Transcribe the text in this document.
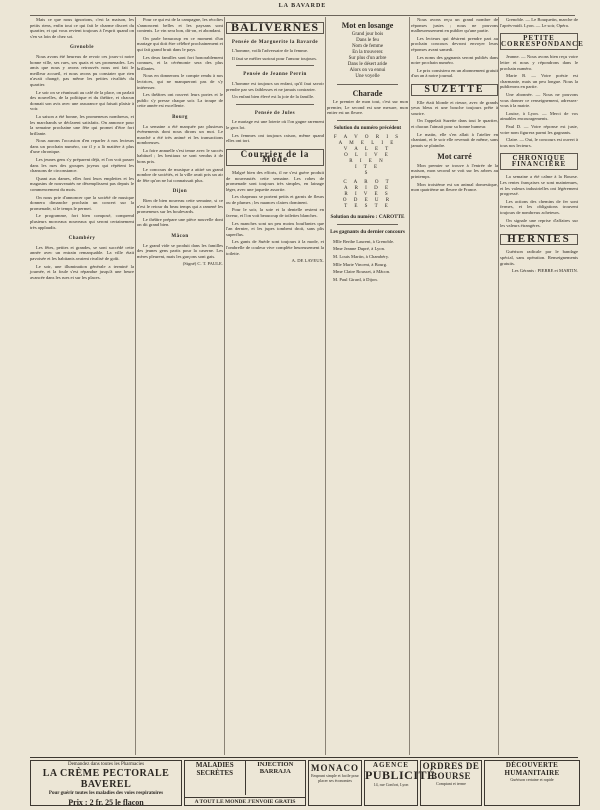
LA BAVARDE

Mais ce que nous ignorions, c'est la maison, les petits riens, enfin tout ce qui fait le charme discret du quartier, et qui vous revient toujours à l'esprit quand on s'en va loin de chez soi.

Grenoble

Nous avons été heureux de revoir ces jours-ci notre bonne ville, ses rues, ses quais et ses promenades. Les amis que nous y avons retrouvés nous ont fait le meilleur accueil, et nous avons pu constater que rien n'avait changé, pas même les petites rivalités du quartier.

Le soir on se réunissait au café de la place, on parlait des nouvelles, de la politique et du théâtre, et chacun donnait son avis avec une assurance qui faisait plaisir à voir.

La saison a été bonne, les promeneurs nombreux, et les marchands se déclarent satisfaits. On annonce pour la semaine prochaine une fête qui promet d'être fort brillante.

Nous aurons l'occasion d'en reparler à nos lecteurs dans un prochain numéro, car il y a là matière à plus d'une chronique.

Les jeunes gens s'y préparent déjà, et l'on voit passer dans les rues des groupes joyeux qui répètent les chansons de circonstance.

Quant aux dames, elles font leurs emplettes et les magasins de nouveautés ne désemplissent pas depuis le commencement du mois.

On nous prie d'annoncer que la société de musique donnera dimanche prochain un concert sur la promenade, si le temps le permet.

Le programme, fort bien composé, comprend plusieurs morceaux nouveaux qui seront certainement très applaudis.

Chambéry

Les fêtes, petites et grandes, se sont succédé cette année avec un entrain remarquable. La ville était pavoisée et les habitants avaient rivalisé de goût.

Le soir, une illumination générale a terminé la journée, et la foule s'est répandue jusqu'à une heure avancée dans les rues et sur les places.

Pour ce qui est de la campagne, les récoltes s'annoncent belles et les paysans sont contents. Le vin sera bon, dit-on, et abondant.

On parle beaucoup en ce moment d'un mariage qui doit être célébré prochainement et qui fait grand bruit dans le pays.

Les deux familles sont fort honorablement connues, et la cérémonie sera des plus brillantes.

Nous en donnerons le compte rendu à nos lectrices, qui ne manqueront pas de s'y intéresser.

Les théâtres ont rouvert leurs portes et le public s'y presse chaque soir. La troupe de cette année est excellente.

Bourg

La semaine a été marquée par plusieurs événements dont nous dirons un mot. Le marché a été très animé et les transactions nombreuses.

La foire annuelle s'est tenue avec le succès habituel ; les bestiaux se sont vendus à de bons prix.

Le concours de musique a attiré un grand nombre de sociétés, et la ville avait pris un air de fête qu'on ne lui connaissait plus.

Dijon

Rien de bien nouveau cette semaine, si ce n'est le retour du beau temps qui a ramené les promeneurs sur les boulevards.

Le théâtre prépare une pièce nouvelle dont on dit grand bien.

Mâcon

Le grand vide se produit dans les familles des jeunes gens partis pour la caserne. Les mères pleurent, mais les garçons sont gais.

(Signé) C. T. PAULE.

BALIVERNES
Pensée de Marguerite la Bavarde

L'homme, voilà l'adversaire de la femme.

Il faut se méfier surtout pour l'amour toujours.

Pensée de Jeanne Perrin

L'homme est toujours un enfant, qu'il faut savoir prendre par ses faiblesses et ne jamais contrarier.

Un enfant bien élevé est la joie de la famille.

Pensée de Jules

Le mariage est une loterie où l'on gagne rarement le gros lot.

Les femmes ont toujours raison, même quand elles ont tort.

Courrier de la Mode

Malgré bien des efforts, il ne s'est guère produit de nouveautés cette semaine. Les robes de promenade sont toujours très simples, en lainage léger, avec une jaquette assortie.

Les chapeaux se portent petits et garnis de fleurs ou de plumes ; les nuances claires dominent.

Pour le soir, la soie et la dentelle restent en faveur, et l'on voit beaucoup de toilettes blanches.

Les manches sont un peu moins bouffantes que l'an dernier, et les jupes tombent droit, sans plis superflus.

Les gants de Suède sont toujours à la mode, et l'ombrelle de couleur vive complète heureusement la toilette.

A. DE LAVEUX.

Mot en losange
Grand jour bois
Dans le feu
Nom de femme
En la trouverez
Sur plus d'un arbre
Dans le désert aride
Alors on va ennui
Une voyelle
Charade

Le premier de mon tout, c'est sur mon premier, Le second est une mesure, mon entier est un fleuve.

Solution du numéro précédent
F A V O R I S
A M E L I E
V A L E T
O L I V E
R I E N
I T E
S
C A R O T
A R I D E
R I V E S
O D E U R
T E S T E
Solution du numéro : CAROTTE
Les gagnants du dernier concours

Mlle Berthe Laurent, à Grenoble.

Mme Jeanne Dupré, à Lyon.

M. Louis Martin, à Chambéry.

Mlle Marie Vincent, à Bourg.

Mme Claire Rousset, à Mâcon.

M. Paul Girard, à Dijon.

Nous avons reçu un grand nombre de réponses justes ; nous ne pouvons malheureusement en publier qu'une partie.

Les lecteurs qui désirent prendre part au prochain concours devront envoyer leurs réponses avant samedi.

Les noms des gagnants seront publiés dans notre prochain numéro.

Le prix consistera en un abonnement gratuit d'un an à notre journal.

SUZETTE

Elle était blonde et rieuse, avec de grands yeux bleus et une bouche toujours prête à sourire.

On l'appelait Suzette dans tout le quartier, et chacun l'aimait pour sa bonne humeur.

Le matin, elle s'en allait à l'atelier en chantant, et le soir elle revenait de même, sans jamais se plaindre.

Mot carré

Mon premier se trouve à l'entrée de la maison, mon second se voit sur les arbres au printemps.

Mon troisième est un animal domestique, mon quatrième un fleuve de France.

Grenoble. — Le Bouquetin, marche de l'après-midi. Lyon. — Le soir, Opéra.

PETITE CORRESPONDANCE

Jeanne. — Nous avons bien reçu votre lettre et nous y répondrons dans le prochain numéro.

Marie B. — Votre poésie est charmante, mais un peu longue. Nous la publierons en partie.

Une abonnée. — Nous ne pouvons vous donner ce renseignement, adressez-vous à la mairie.

Louise, à Lyon. — Merci de vos aimables encouragements.

Paul D. — Votre réponse est juste, votre nom figurera parmi les gagnants.

Claire. — Oui, le concours est ouvert à tous nos lecteurs.

CHRONIQUE FINANCIÈRE

La semaine a été calme à la Bourse. Les rentes françaises se sont maintenues, et les valeurs industrielles ont légèrement progressé.

Les actions des chemins de fer sont fermes, et les obligations trouvent toujours de nombreux acheteurs.

On signale une reprise d'affaires sur les valeurs étrangères.

HERNIES

Guérison radicale par le bandage spécial, sans opération. Renseignements gratuits.

Les Gérants : PIERRE et MARTIN.

Demandez dans toutes les Pharmacies
LA CRÈME PECTORALE BAVEREL
Pour guérir toutes les maladies des voies respiratoires
Prix : 2 fr. 25 le flacon
MALADIES SECRÈTES
INJECTION BARRAJA
A TOUT LE MONDE J'ENVOIE GRATIS
MONACO
Emprunt simple et facile pour placer ses économies
AGENCE
PUBLICITÉ
14, rue Confort, Lyon
ORDRES DE BOURSE
Comptant et terme
DÉCOUVERTE HUMANITAIRE
Guérison certaine et rapide
